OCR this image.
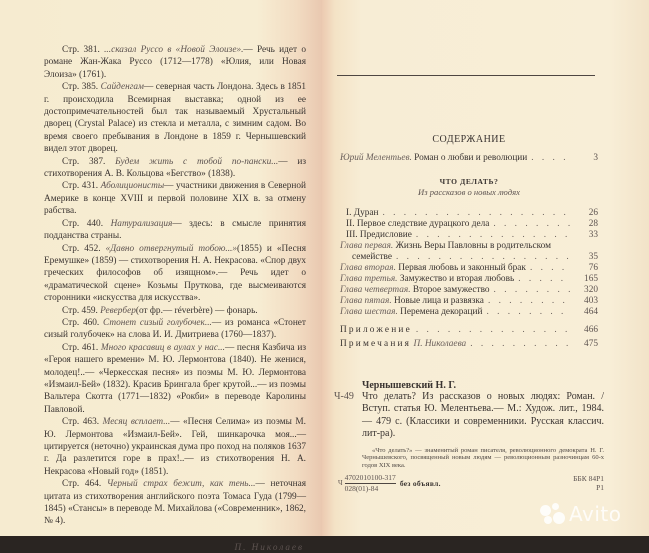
Стр. 381. ...сказал Руссо в «Новой Элоизе».— Речь идет о романе Жан-Жака Руссо (1712—1778) «Юлия, или Новая Элоиза» (1761).

Стр. 385. Сайденгам— северная часть Лондона. Здесь в 1851 г. происходила Всемирная выставка; одной из ее достопримечательностей был так называемый Хрустальный дворец (Crystal Palace) из стекла и металла, с зимним садом. Во время своего пребывания в Лондоне в 1859 г. Чернышевский видел этот дворец.

Стр. 387. Будем жить с тобой по-пански...— из стихотворения А. В. Кольцова «Бегство» (1838).

Стр. 431. Аболиционисты— участники движения в Северной Америке в конце XVIII и первой половине XIX в. за отмену рабства.

Стр. 440. Натурализация— здесь: в смысле принятия подданства страны.

Стр. 452. «Давно отвергнутый тобою...»(1855) и «Песня Еремушке» (1859) — стихотворения Н. А. Некрасова. «Спор двух греческих философов об изящном».— Речь идет о «драматической сцене» Козьмы Пруткова, где высмеиваются сторонники «искусства для искусства».

Стр. 459. Ревербер(от фр.— réverbère) — фонарь.

Стр. 460. Стонет сизый голубочек...— из романса «Стонет сизый голубочек» на слова И. И. Дмитриева (1760—1837).

Стр. 461. Много красавиц в аулах у нас...— песня Казбича из «Героя нашего времени» М. Ю. Лермонтова (1840). Не женися, молодец!..— «Черкесская песня» из поэмы М. Ю. Лермонтова «Измаил-Бей» (1832). Красив Брингала брег крутой...— из поэмы Вальтера Скотта (1771—1832) «Рокби» в переводе Каролины Павловой.

Стр. 463. Месяц всплает...— «Песня Селима» из поэмы М. Ю. Лермонтова «Измаил-Бей». Гей, шинкарочка моя...— цитируется (неточно) украинская дума про поход на поляков 1637 г. Да разлетится горе в прах!..— из стихотворения Н. А. Некрасова «Новый год» (1851).

Стр. 464. Черный страх бежит, как тень...— неточная цитата из стихотворения английского поэта Томаса Гуда (1799—1845) «Стансы» в переводе М. Михайлова («Современник», 1862, № 4).

П. Николаев
СОДЕРЖАНИЕ
Юрий Мелентьев. Роман о любви и революции . . .	3
ЧТО ДЕЛАТЬ?
Из рассказов о новых людях
I. Дуран . . .	26
II. Первое следствие дурацкого дела . . .	28
III. Предисловие . . .	33
Глава первая. Жизнь Веры Павловны в родительском
семействе . . .	35
Глава вторая. Первая любовь и законный брак . . .	76
Глава третья. Замужество и вторая любовь . . .	165
Глава четвертая. Второе замужество . . .	320
Глава пятая. Новые лица и развязка . . .	403
Глава шестая. Перемена декораций . . .	464
Приложение . . .	466
Примечания П. Николаева . . .	475
Чернышевский Н. Г.
Ч-49 Что делать? Из рассказов о новых людях: Роман. / Вступ. статья Ю. Мелентьева.— М.: Худож. лит., 1984.— 479 с. (Классики и современники. Русская классич. лит-ра).
«Что делать?» — знаменитый роман писателя, революционного демократа Н. Г. Чернышевского, посвященный новым людям — революционным разночинцам 60-х годов XIX века.
Ч $\frac{4702010100-317}{028(01)-84}$ без объявл.
ББК 84Р1
Р1
Avito
